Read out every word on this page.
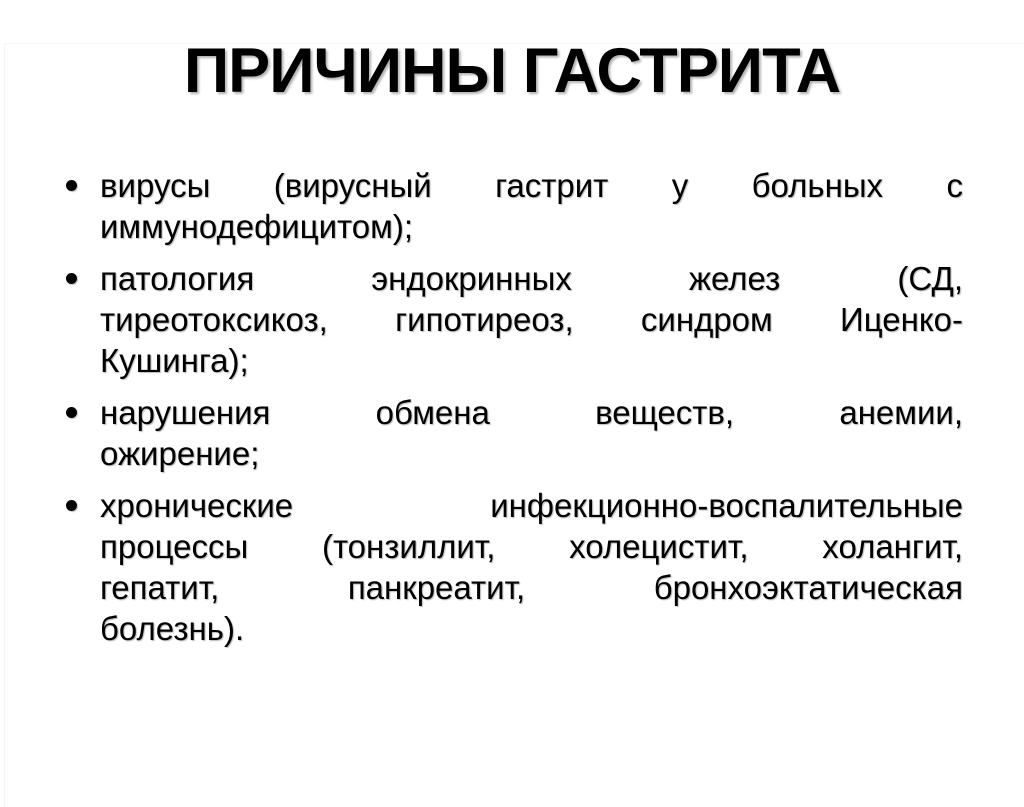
ПРИЧИНЫ ГАСТРИТА
вирусы (вирусный гастрит у больных с
иммунодефицитом);
патология эндокринных желез (СД,
тиреотоксикоз, гипотиреоз, синдром Иценко-
Кушинга);
нарушения обмена веществ, анемии,
ожирение;
хронические инфекционно-воспалительные
процессы (тонзиллит, холецистит, холангит,
гепатит, панкреатит, бронхоэктатическая
болезнь).
